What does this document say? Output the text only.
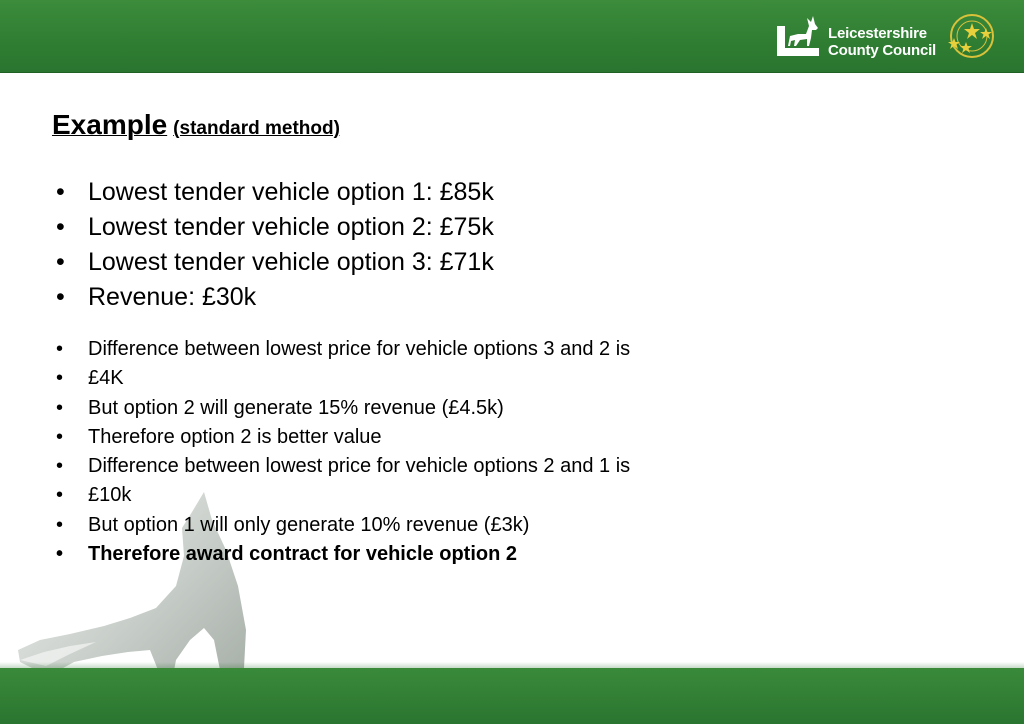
Leicestershire
County Council
Example (standard method)
• Lowest tender vehicle option 1: £85k
• Lowest tender vehicle option 2: £75k
• Lowest tender vehicle option 3: £71k
• Revenue: £30k
• Difference between lowest price for vehicle options 3 and 2 is
• £4K
• But option 2 will generate 15% revenue (£4.5k)
• Therefore option 2 is better value
• Difference between lowest price for vehicle options 2 and 1 is
• £10k
• But option 1 will only generate 10% revenue (£3k)
• Therefore award contract for vehicle option 2
